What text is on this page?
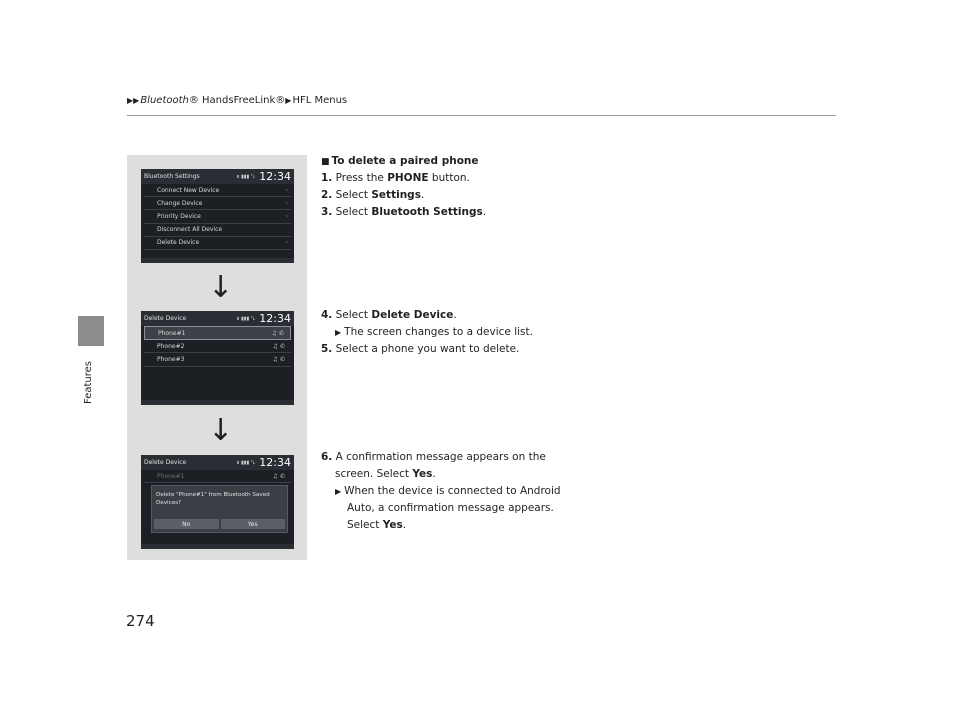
▶▶Bluetooth® HandsFreeLink®▶HFL Menus
Features
274
Bluetooth Settings	ʙ ▮▮▮ ᵀʟ 12:34
Connect New Device	›
Change Device	›
Priority Device	›
Disconnect All Device
Delete Device	›
↓
Delete Device	ʙ ▮▮▮ ᵀʟ 12:34
Phone#1	♫ ✆
Phone#2	♫ ✆
Phone#3	♫ ✆
↓
Delete Device	ʙ ▮▮▮ ᵀʟ 12:34
Phone#1	♫ ✆
Delete "Phone#1" from Bluetooth Saved Devices?
No	Yes
■ To delete a paired phone
1. Press the PHONE button.
2. Select Settings.
3. Select Bluetooth Settings.
4. Select Delete Device.
▶ The screen changes to a device list.
5. Select a phone you want to delete.
6. A confirmation message appears on the
screen. Select Yes.
▶ When the device is connected to Android
Auto, a confirmation message appears.
Select Yes.
